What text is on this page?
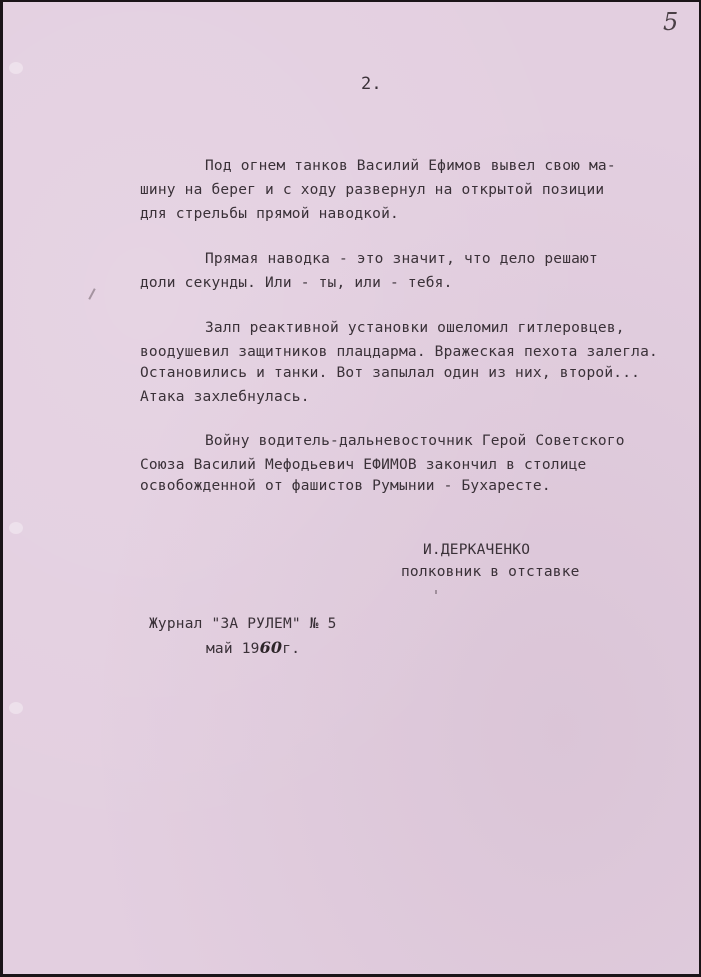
5
2.
Под огнем танков Василий Ефимов вывел свою ма-
шину на берег и с ходу развернул на открытой позиции
для стрельбы прямой наводкой.
Прямая наводка - это значит, что дело решают
доли секунды. Или - ты, или - тебя.
Залп реактивной установки ошеломил гитлеровцев,
воодушевил защитников плацдарма. Вражеская пехота залегла.
Остановились и танки. Вот запылал один из них, второй...
Атака захлебнулась.
Войну водитель-дальневосточник Герой Советского
Союза Василий Мефодьевич ЕФИМОВ закончил в столице
освобожденной от фашистов Румынии - Бухаресте.
И.ДЕРКАЧЕНКО
полковник в отставке
Журнал "ЗА РУЛЕМ" № 5
май 1960г.
